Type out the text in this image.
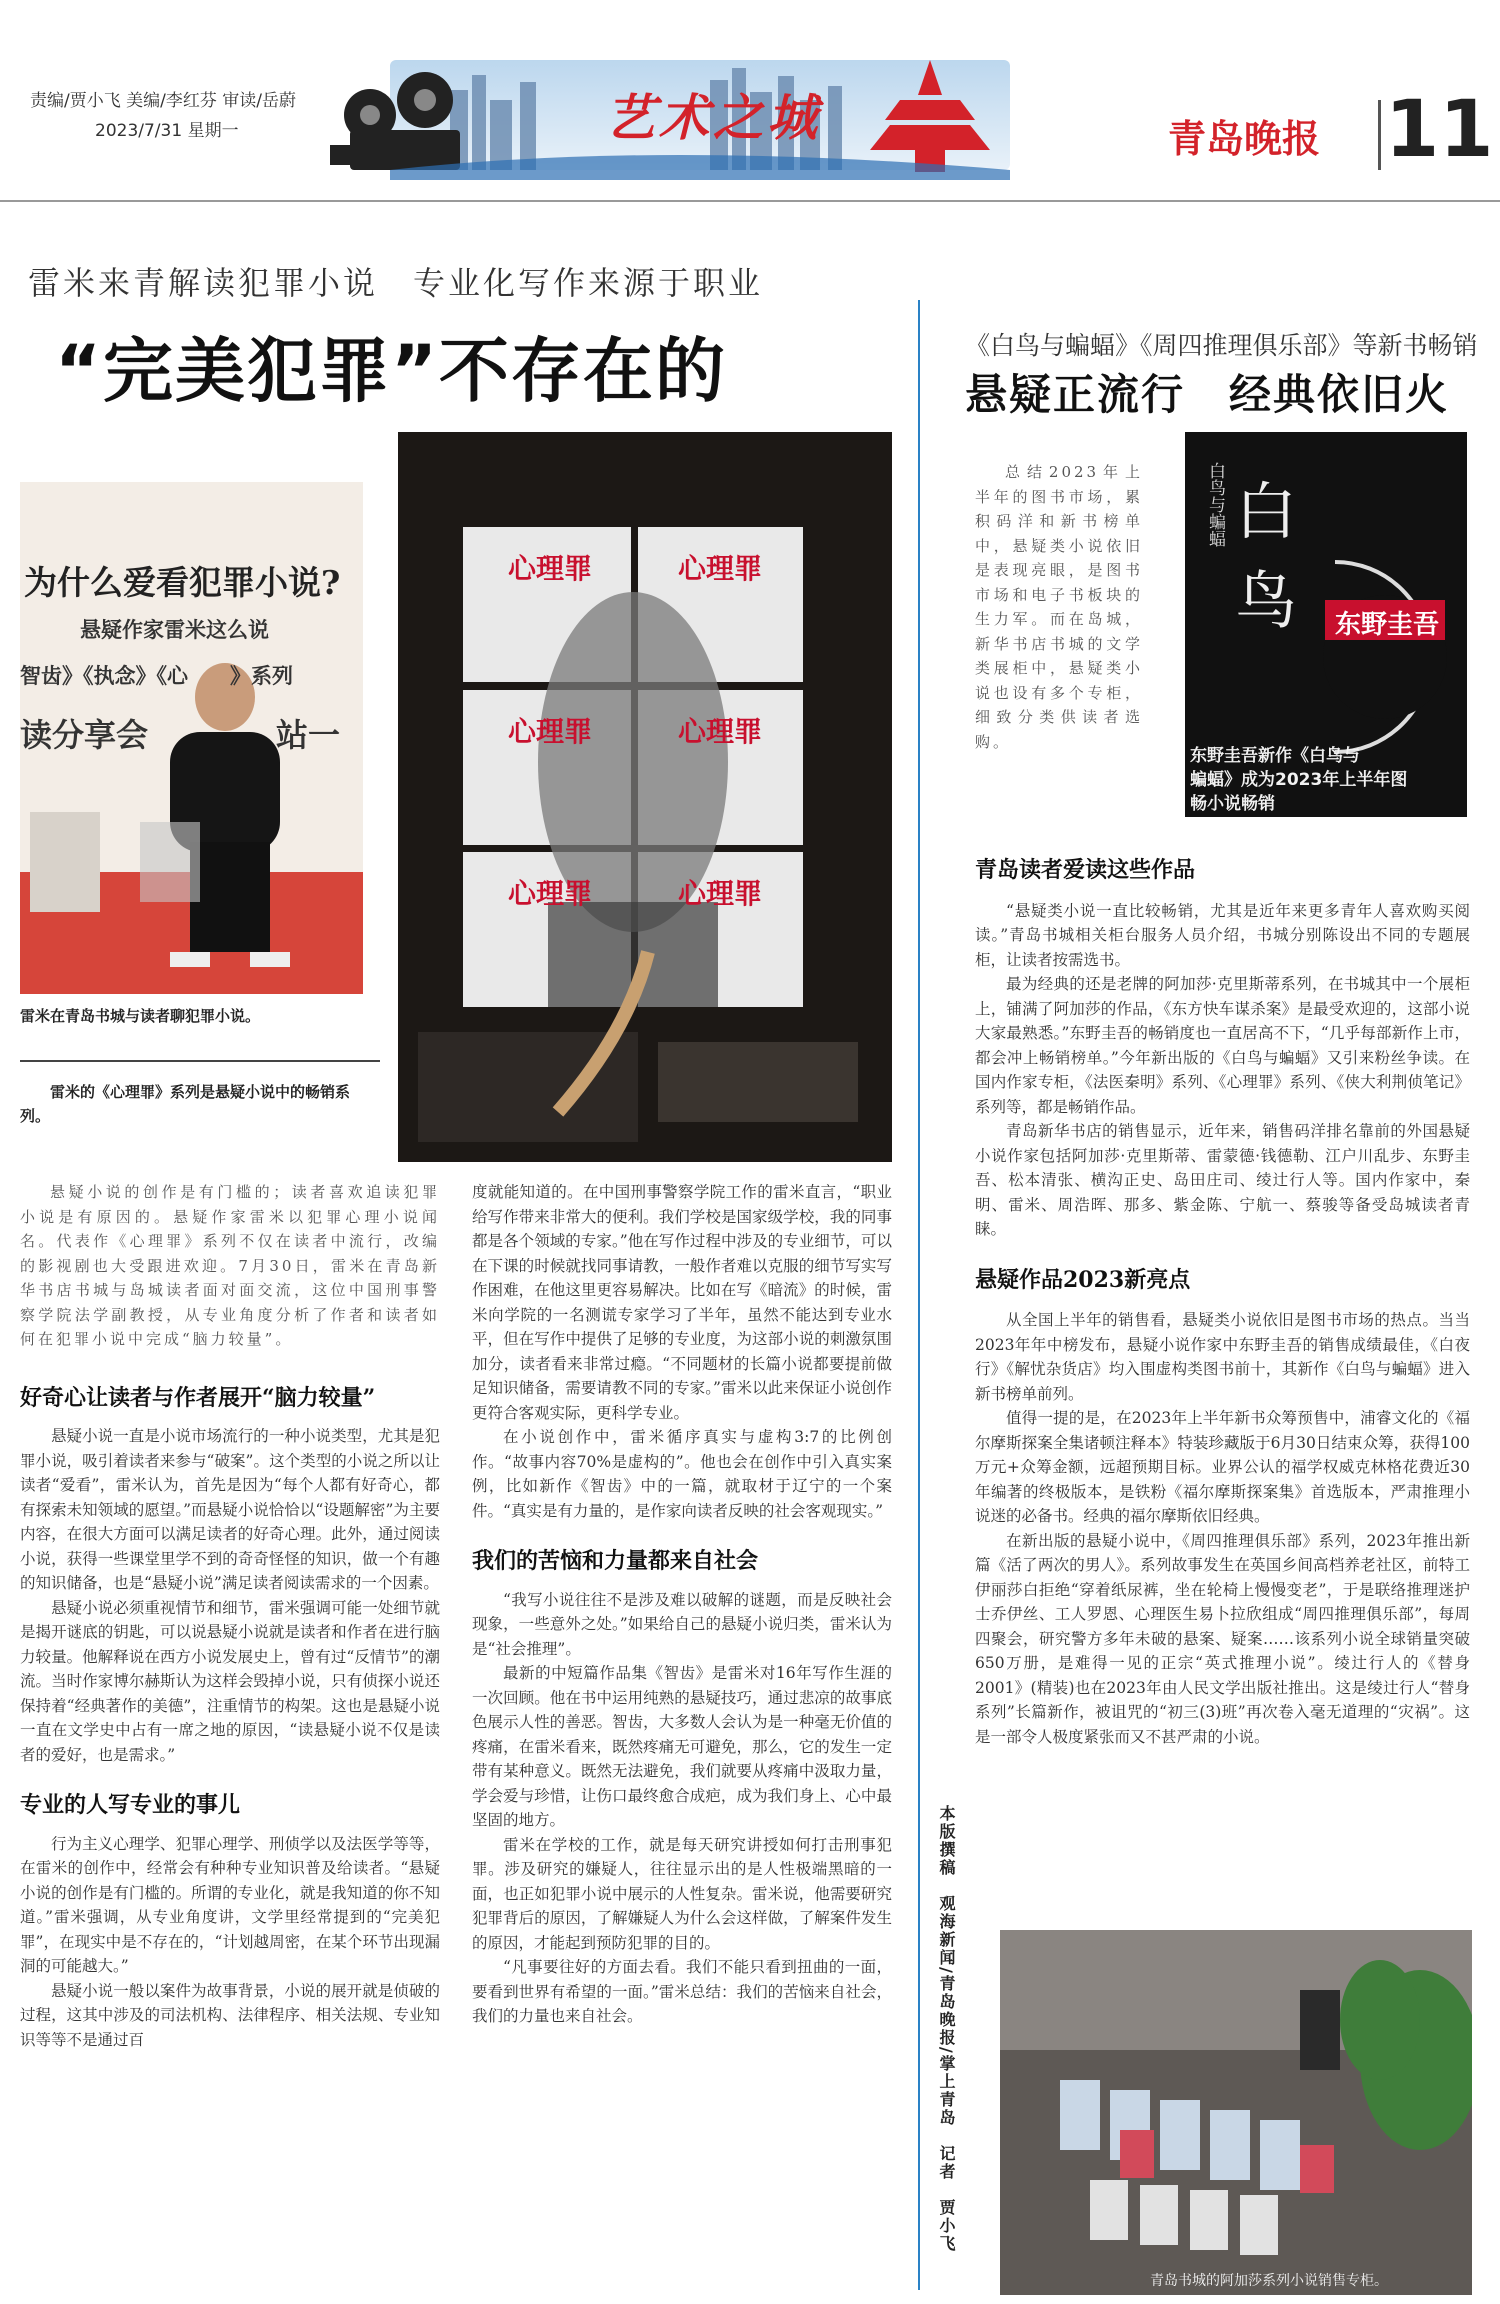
责编/贾小飞 美编/李红芬 审读/岳蔚
2023/7/31 星期一	艺术之城	青岛晚报 11
雷米来青解读犯罪小说　专业化写作来源于职业
“完美犯罪”不存在的
为什么爱看犯罪小说?
悬疑作家雷米这么说
智齿》《执念》《心　　》系列
读分享会　　　　站一
雷米在青岛书城与读者聊犯罪小说。
雷米的《心理罪》系列是悬疑小说中的畅销系列。
心理罪	心理罪
心理罪	心理罪
心理罪	心理罪

悬疑小说的创作是有门槛的；读者喜欢追读犯罪小说是有原因的。悬疑作家雷米以犯罪心理小说闻名。代表作《心理罪》系列不仅在读者中流行，改编的影视剧也大受跟进欢迎。7月30日，雷米在青岛新华书店书城与岛城读者面对面交流，这位中国刑事警察学院法学副教授，从专业角度分析了作者和读者如何在犯罪小说中完成“脑力较量”。

好奇心让读者与作者展开“脑力较量”

悬疑小说一直是小说市场流行的一种小说类型，尤其是犯罪小说，吸引着读者来参与“破案”。这个类型的小说之所以让读者“爱看”，雷米认为，首先是因为“每个人都有好奇心，都有探索未知领域的愿望。”而悬疑小说恰恰以“设题解密”为主要内容，在很大方面可以满足读者的好奇心理。此外，通过阅读小说，获得一些课堂里学不到的奇奇怪怪的知识，做一个有趣的知识储备，也是“悬疑小说”满足读者阅读需求的一个因素。

悬疑小说必须重视情节和细节，雷米强调可能一处细节就是揭开谜底的钥匙，可以说悬疑小说就是读者和作者在进行脑力较量。他解释说在西方小说发展史上，曾有过“反情节”的潮流。当时作家博尔赫斯认为这样会毁掉小说，只有侦探小说还保持着“经典著作的美德”，注重情节的构架。这也是悬疑小说一直在文学史中占有一席之地的原因，“读悬疑小说不仅是读者的爱好，也是需求。”

专业的人写专业的事儿

行为主义心理学、犯罪心理学、刑侦学以及法医学等等，在雷米的创作中，经常会有种种专业知识普及给读者。“悬疑小说的创作是有门槛的。所谓的专业化，就是我知道的你不知道。”雷米强调，从专业角度讲，文学里经常提到的“完美犯罪”，在现实中是不存在的，“计划越周密，在某个环节出现漏洞的可能越大。”

悬疑小说一般以案件为故事背景，小说的展开就是侦破的过程，这其中涉及的司法机构、法律程序、相关法规、专业知识等等不是通过百

度就能知道的。在中国刑事警察学院工作的雷米直言，“职业给写作带来非常大的便利。我们学校是国家级学校，我的同事都是各个领域的专家。”他在写作过程中涉及的专业细节，可以在下课的时候就找同事请教，一般作者难以克服的细节写实写作困难，在他这里更容易解决。比如在写《暗流》的时候，雷米向学院的一名测谎专家学习了半年，虽然不能达到专业水平，但在写作中提供了足够的专业度，为这部小说的刺激氛围加分，读者看来非常过瘾。“不同题材的长篇小说都要提前做足知识储备，需要请教不同的专家。”雷米以此来保证小说创作更符合客观实际，更科学专业。

在小说创作中，雷米循序真实与虚构3:7的比例创作。“故事内容70%是虚构的”。他也会在创作中引入真实案例，比如新作《智齿》中的一篇，就取材于辽宁的一个案件。“真实是有力量的，是作家向读者反映的社会客观现实。”

我们的苦恼和力量都来自社会

“我写小说往往不是涉及难以破解的谜题，而是反映社会现象，一些意外之处。”如果给自己的悬疑小说归类，雷米认为是“社会推理”。

最新的中短篇作品集《智齿》是雷米对16年写作生涯的一次回顾。他在书中运用纯熟的悬疑技巧，通过悲凉的故事底色展示人性的善恶。智齿，大多数人会认为是一种毫无价值的疼痛，在雷米看来，既然疼痛无可避免，那么，它的发生一定带有某种意义。既然无法避免，我们就要从疼痛中汲取力量，学会爱与珍惜，让伤口最终愈合成疤，成为我们身上、心中最坚固的地方。

雷米在学校的工作，就是每天研究讲授如何打击刑事犯罪。涉及研究的嫌疑人，往往显示出的是人性极端黑暗的一面，也正如犯罪小说中展示的人性复杂。雷米说，他需要研究犯罪背后的原因，了解嫌疑人为什么会这样做，了解案件发生的原因，才能起到预防犯罪的目的。

“凡事要往好的方面去看。我们不能只看到扭曲的一面，要看到世界有希望的一面。”雷米总结：我们的苦恼来自社会，我们的力量也来自社会。

《白鸟与蝙蝠》《周四推理俱乐部》等新书畅销
悬疑正流行　经典依旧火
总结2023年上半年的图书市场，累积码洋和新书榜单中，悬疑类小说依旧是表现亮眼，是图书市场和电子书板块的生力军。而在岛城，新华书店书城的文学类展柜中，悬疑类小说也设有多个专柜，细致分类供读者选购。
白鸟
白鸟与蝙蝠
东野圭吾
东野圭吾新作《白鸟与
蝙蝠》成为2023年上半年图
畅小说畅销
青岛读者爱读这些作品

“悬疑类小说一直比较畅销，尤其是近年来更多青年人喜欢购买阅读。”青岛书城相关柜台服务人员介绍，书城分别陈设出不同的专题展柜，让读者按需选书。

最为经典的还是老牌的阿加莎·克里斯蒂系列，在书城其中一个展柜上，铺满了阿加莎的作品，《东方快车谋杀案》是最受欢迎的，这部小说大家最熟悉。”东野圭吾的畅销度也一直居高不下，“几乎每部新作上市，都会冲上畅销榜单。”今年新出版的《白鸟与蝙蝠》又引来粉丝争读。在国内作家专柜，《法医秦明》系列、《心理罪》系列、《侠大利荆侦笔记》系列等，都是畅销作品。

青岛新华书店的销售显示，近年来，销售码洋排名靠前的外国悬疑小说作家包括阿加莎·克里斯蒂、雷蒙德·钱德勒、江户川乱步、东野圭吾、松本清张、横沟正史、岛田庄司、绫辻行人等。国内作家中，秦明、雷米、周浩晖、那多、紫金陈、宁航一、蔡骏等备受岛城读者青睐。

悬疑作品2023新亮点

从全国上半年的销售看，悬疑类小说依旧是图书市场的热点。当当2023年年中榜发布，悬疑小说作家中东野圭吾的销售成绩最佳，《白夜行》《解忧杂货店》均入围虚构类图书前十，其新作《白鸟与蝙蝠》进入新书榜单前列。

值得一提的是，在2023年上半年新书众筹预售中，浦睿文化的《福尔摩斯探案全集诸顿注释本》特装珍藏版于6月30日结束众筹，获得100万元+众筹金额，远超预期目标。业界公认的福学权威克林格花费近30年编著的终极版本，是铁粉《福尔摩斯探案集》首选版本，严肃推理小说迷的必备书。经典的福尔摩斯依旧经典。

在新出版的悬疑小说中，《周四推理俱乐部》系列，2023年推出新篇《活了两次的男人》。系列故事发生在英国乡间高档养老社区，前特工伊丽莎白拒绝“穿着纸尿裤，坐在轮椅上慢慢变老”，于是联络推理迷护士乔伊丝、工人罗恩、心理医生易卜拉欣组成“周四推理俱乐部”，每周四聚会，研究警方多年未破的悬案、疑案……该系列小说全球销量突破650万册，是难得一见的正宗“英式推理小说”。绫辻行人的《替身2001》(精装)也在2023年由人民文学出版社推出。这是绫辻行人“替身系列”长篇新作，被诅咒的“初三(3)班”再次卷入毫无道理的“灾祸”。这是一部令人极度紧张而又不甚严肃的小说。

本版撰稿　观海新闻/青岛晚报/掌上青岛　记者　贾小飞
青岛书城的阿加莎系列小说销售专柜。
